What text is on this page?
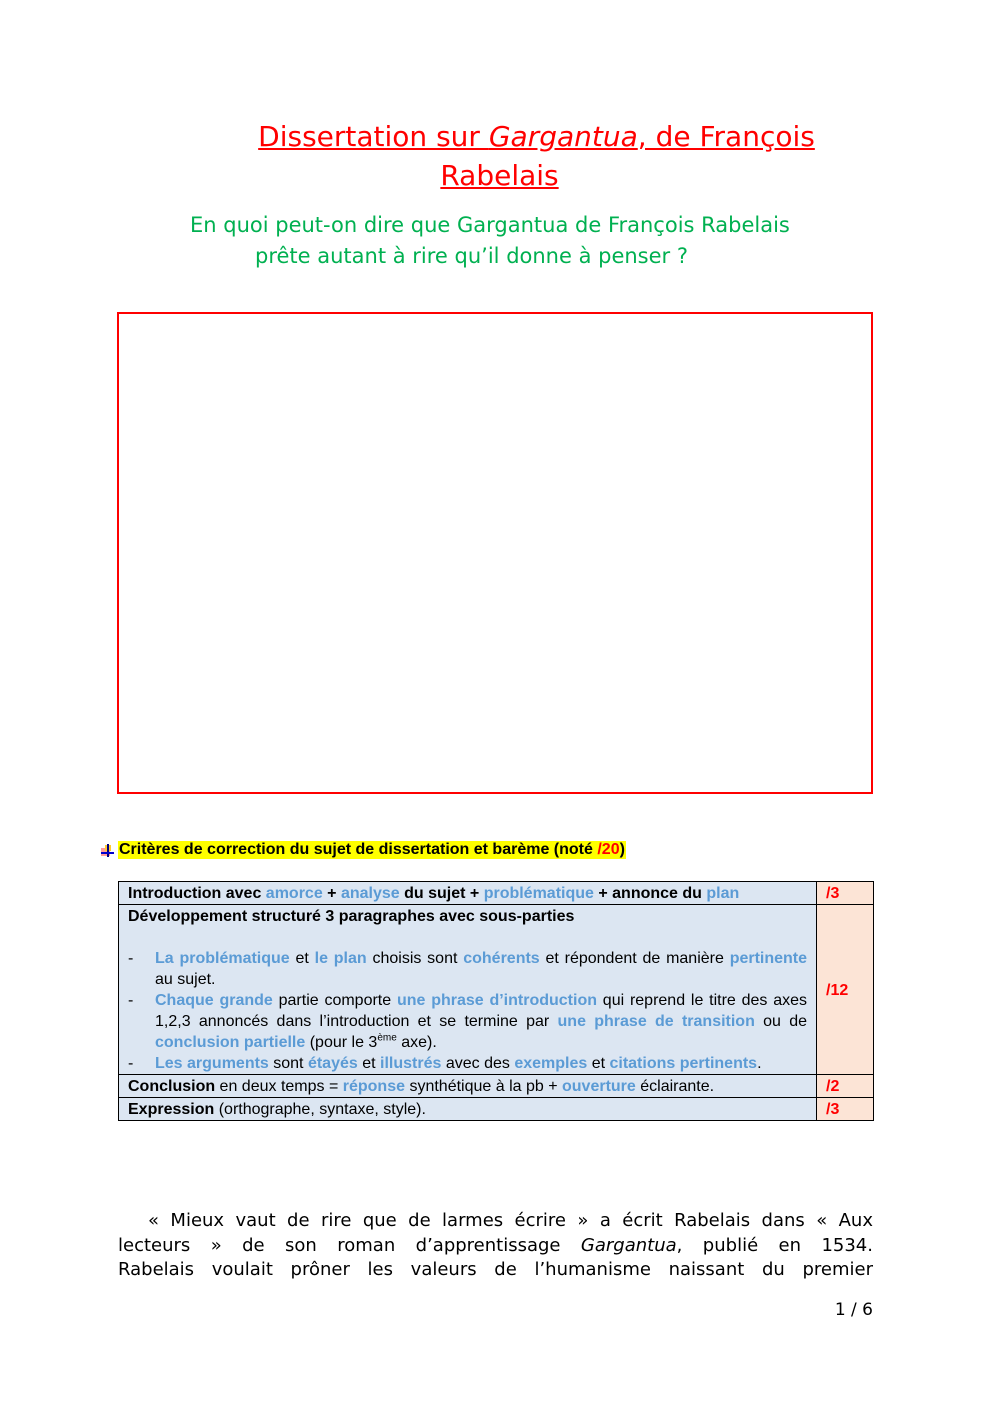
Dissertation sur Gargantua, de François
Rabelais
En quoi peut-on dire que Gargantua de François Rabelais
prête autant à rire qu’il donne à penser ?
Critères de correction du sujet de dissertation et barème (noté /20)
Introduction avec amorce + analyse du sujet + problématique + annonce du plan	/3

Développement structuré 3 paragraphes avec sous-parties
- La problématique et le plan choisis sont cohérents et répondent de manière pertinente au sujet.
- Chaque grande partie comporte une phrase d’introduction qui reprend le titre des axes 1,2,3 annoncés dans l’introduction et se termine par une phrase de transition ou de conclusion partielle (pour le 3ème axe).
- Les arguments sont étayés et illustrés avec des exemples et citations pertinents.
	/12
Conclusion en deux temps = réponse synthétique à la pb + ouverture éclairante.	/2
Expression (orthographe, syntaxe, style).	/3
« Mieux vaut de rire que de larmes écrire » a écrit Rabelais dans « Aux
lecteurs » de son roman d’apprentissage Gargantua, publié en 1534.
Rabelais voulait prôner les valeurs de l’humanisme naissant du premier
1 / 6
